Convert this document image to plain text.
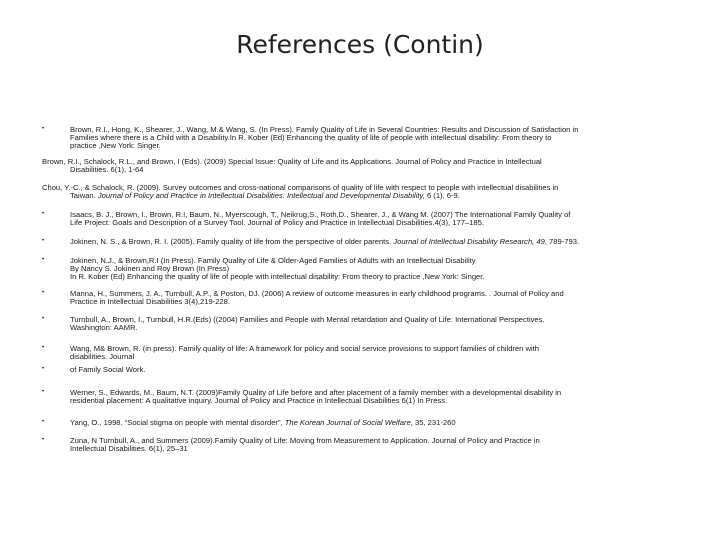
References (Contin)
•	Brown, R.I., Hong, K., Shearer, J., Wang, M.& Wang, S. (In Press). Family Quality of Life in Several Countries: Results and Discussion of Satisfaction in
Families where there is a Child with a Disability.In R. Kober (Ed) Enhancing the quality of life of people with intellectual disability: From theory to
practice ,New York: Singer.
Brown, R.I., Schalock, R.L., and Brown, I (Eds). (2009) Special Issue: Quality of Life and its Applications. Journal of Policy and Practice in Intellectual
Disabilities. 6(1), 1-64
Chou, Y.-C., & Schalock, R. (2009). Survey outcomes and cross-national comparisons of quality of life with respect to people with intellectual disabilities in
Taiwan. Journal of Policy and Practice in Intellectual Disabilities. Intellectual and Developmental Disability, 6 (1), 6-9.
•	Isaacs, B. J., Brown, I., Brown, R.I, Baum, N., Myerscough, T., Neikrug,S., Roth,D., Shearer, J., & Wang M. (2007) The International Family Quality of
Life Project: Goals and Description of a Survey Tool. Journal of Policy and Practice in Intellectual Disabilities.4(3), 177–185.
•	Jokinen, N. S., & Brown, R. I. (2005). Family quality of life from the perspective of older parents. Journal of Intellectual Disability Research, 49, 789-793.
•	Jokinen, N.J., & Brown,R.I (In Press). Family Quality of Life & Older-Aged Families of Adults with an Intellectual Disability
By Nancy S. Jokinen and Roy Brown (In Press)
In R. Kober (Ed) Enhancing the quality of life of people with intellectual disability: From theory to practice ,New York: Singer.
•	Manna, H., Summers, J. A., Turnbull, A.P., & Poston, DJ. (2006) A review of outcome measures in early childhood programs. . Journal of Policy and
Practice in Intellectual Disabilities 3(4),219-228.
•	Turnbull, A., Brown, I., Turnbull, H.R.(Eds) ((2004) Families and People with Mental retardation and Quality of Life: International Perspectives.
Washington: AAMR.
•
•
Wang, M& Brown, R. (in press). Family quality of life: A framework for policy and social service provisions to support families of children with
disabilities. Journal
of Family Social Work.
•	Werner, S., Edwards, M., Baum, N.T. (2009)Family Quality of Life before and after placement of a family member with a developmental disability in
residential placement: A qualitative inquiry. Journal of Policy and Practice in Intellectual Disabilities 6(1) In Press.
•	Yang, O., 1998. “Social stigma on people with mental disorder”, The Korean Journal of Social Welfare, 35, 231-260
•	Zuna, N Turnbull, A., and Summers (2009).Family Quality of Life: Moving from Measurement to Application. Journal of Policy and Practice in
Intellectual Disabilities. 6(1), 25–31
